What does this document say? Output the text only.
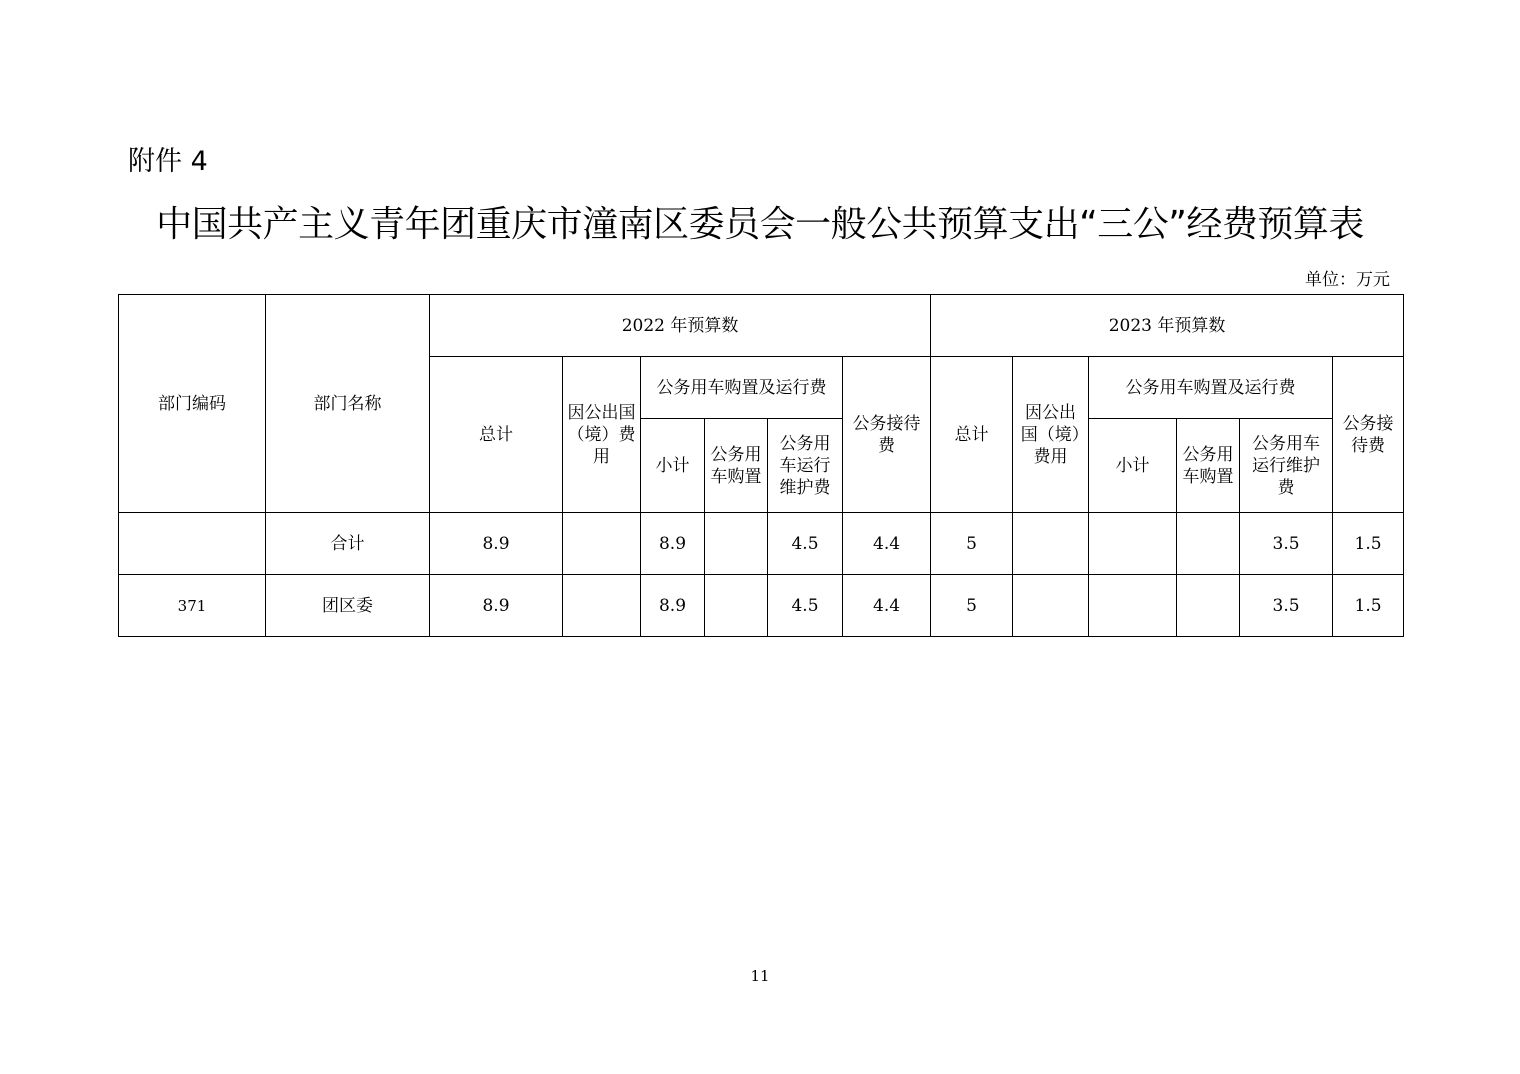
附件 4
中国共产主义青年团重庆市潼南区委员会一般公共预算支出“三公”经费预算表
单位：万元
部门编码	部门名称	2022 年预算数						2023 年预算数					
		总计	因公出国（境）费用	公务用车购置及运行费			公务接待费	总计	因公出国（境）费用	公务用车购置及运行费			公务接待费
				小计	公务用车购置	公务用车运行维护费				小计	公务用车购置	公务用车运行维护费	
	合计	8.9		8.9		4.5	4.4	5				3.5	1.5
371	团区委	8.9		8.9		4.5	4.4	5				3.5	1.5
11
